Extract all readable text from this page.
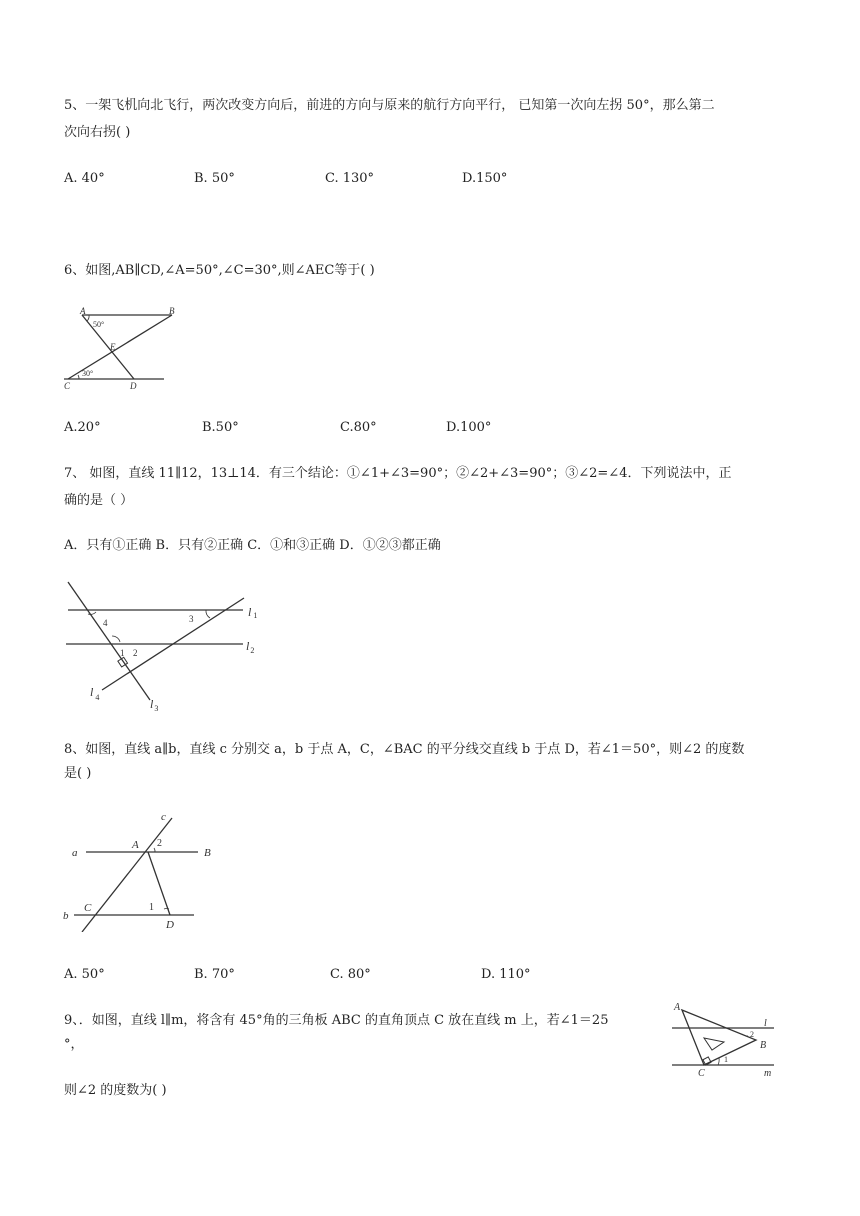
5、一架飞机向北飞行，两次改变方向后，前进的方向与原来的航行方向平行， 已知第一次向左拐 50°，那么第二
次向右拐( )
A. 40°	B. 50°	C. 130°	D.150°
6、如图,AB∥CD,∠A=50°,∠C=30°,则∠AEC等于( )
A	B
50°
E
30°
C	D
A.20°	B.50°	C.80°	D.100°
7、 如图，直线 11∥12，13⊥14．有三个结论：①∠1+∠3=90°；②∠2+∠3=90°；③∠2=∠4．下列说法中，正
确的是（ ）
A．只有①正确 B．只有②正确 C．①和③正确 D．①②③都正确
4	3
1 2
l 1
$l_2$
l $_4$	$l_3$
8、如图，直线 a∥b，直线 c 分别交 a，b 于点 A，C，∠BAC 的平分线交直线 b 于点 D，若∠1＝50°，则∠2 的度数
是( )
a
b
c
A
B
C
D
2
1
A. 50°	B. 70°	C. 80°	D. 110°
9、．如图，直线 l∥m，将含有 45°角的三角板 ABC 的直角顶点 C 放在直线 m 上，若∠1＝25
°，
则∠2 的度数为( )
A
l
2
B
1
C	m
